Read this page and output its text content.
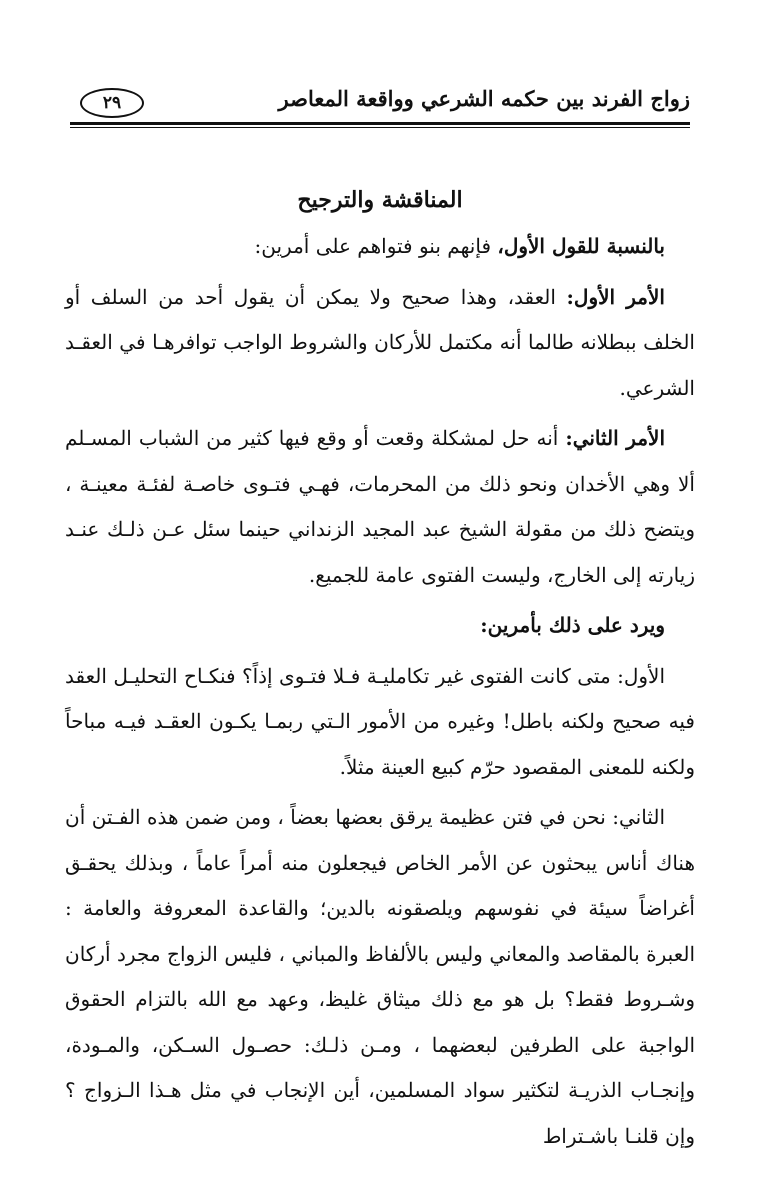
زواج الفرند بين حكمه الشرعي وواقعة المعاصر
٢٩

المناقشة والترجيح

بالنسبة للقول الأول، فإنهم بنو فتواهم على أمرين:

الأمر الأول: العقد، وهذا صحيح ولا يمكن أن يقول أحد من السلف أو الخلف ببطلانه طالما أنه مكتمل للأركان والشروط الواجب توافرهـا في العقـد الشرعي.

الأمر الثاني: أنه حل لمشكلة وقعت أو وقع فيها كثير من الشباب المسـلم ألا وهي الأخدان ونحو ذلك من المحرمات، فهـي فتـوى خاصـة لفئـة معينـة ، ويتضح ذلك من مقولة الشيخ عبد المجيد الزنداني حينما سئل عـن ذلـك عنـد زيارته إلى الخارج، وليست الفتوى عامة للجميع.

ويرد على ذلك بأمرين:

الأول: متى كانت الفتوى غير تكامليـة فـلا فتـوى إذاً؟ فنكـاح التحليـل العقد فيه صحيح ولكنه باطل! وغيره من الأمور الـتي ربمـا يكـون العقـد فيـه مباحاً ولكنه للمعنى المقصود حرّم كبيع العينة مثلاً.

الثاني: نحن في فتن عظيمة يرقق بعضها بعضاً ، ومن ضمن هذه الفـتن أن هناك أناس يبحثون عن الأمر الخاص فيجعلون منه أمراً عاماً ، وبذلك يحقـق أغراضاً سيئة في نفوسهم ويلصقونه بالدين؛ والقاعدة المعروفة والعامة : العبرة بالمقاصد والمعاني وليس بالألفاظ والمباني ، فليس الزواج مجرد أركان وشـروط فقط؟ بل هو مع ذلك ميثاق غليظ، وعهد مع الله بالتزام الحقوق الواجبة على الطرفين لبعضهما ، ومـن ذلـك: حصـول السـكن، والمـودة، وإنجـاب الذريـة لتكثير سواد المسلمين، أين الإنجاب في مثل هـذا الـزواج ؟ وإن قلنـا باشـتراط
